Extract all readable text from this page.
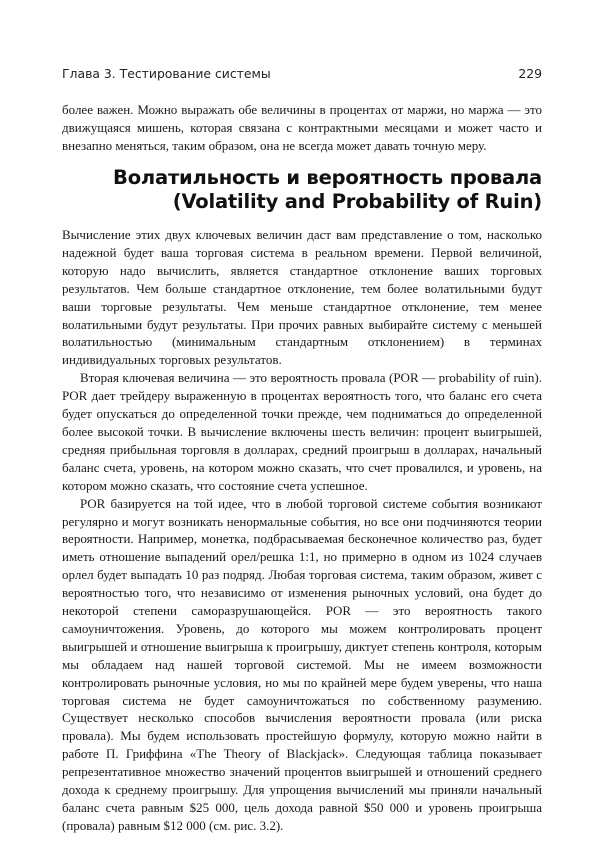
Глава 3. Тестирование системы	229

более важен. Можно выражать обе величины в процентах от маржи, но маржа — это движущаяся мишень, которая связана с контрактными месяцами и может часто и внезапно меняться, таким образом, она не всегда может давать точную меру.

Волатильность и вероятность провала
(Volatility and Probability of Ruin)

Вычисление этих двух ключевых величин даст вам представление о том, насколько надежной будет ваша торговая система в реальном времени. Первой величиной, которую надо вычислить, является стандартное отклонение ваших торговых результатов. Чем больше стандартное отклонение, тем более волатильными будут ваши торговые результаты. Чем меньше стандартное отклонение, тем менее волатильными будут результаты. При прочих равных выбирайте систему с меньшей волатильностью (минимальным стандартным отклонением) в терминах индивидуальных торговых результатов.

Вторая ключевая величина — это вероятность провала (POR — probability of ruin). POR дает трейдеру выраженную в процентах вероятность того, что баланс его счета будет опускаться до определенной точки прежде, чем подниматься до определенной более высокой точки. В вычисление включены шесть величин: процент выигрышей, средняя прибыльная торговля в долларах, средний проигрыш в долларах, начальный баланс счета, уровень, на котором можно сказать, что счет провалился, и уровень, на котором можно сказать, что состояние счета успешное.

POR базируется на той идее, что в любой торговой системе события возникают регулярно и могут возникать ненормальные события, но все они подчиняются теории вероятности. Например, монетка, подбрасываемая бесконечное количество раз, будет иметь отношение выпадений орел/решка 1:1, но примерно в одном из 1024 случаев орлел будет выпадать 10 раз подряд. Любая торговая система, таким образом, живет с вероятностью того, что независимо от изменения рыночных условий, она будет до некоторой степени саморазрушающейся. POR — это вероятность такого самоуничтожения. Уровень, до которого мы можем контролировать процент выигрышей и отношение выигрыша к проигрышу, диктует степень контроля, которым мы обладаем над нашей торговой системой. Мы не имеем возможности контролировать рыночные условия, но мы по крайней мере будем уверены, что наша торговая система не будет самоуничтожаться по собственному разумению. Существует несколько способов вычисления вероятности провала (или риска провала). Мы будем использовать простейшую формулу, которую можно найти в работе П. Гриффина «The Theory of Blackjack». Следующая таблица показывает репрезентативное множество значений процентов выигрышей и отношений среднего дохода к среднему проигрышу. Для упрощения вычислений мы приняли начальный баланс счета равным $25 000, цель дохода равной $50 000 и уровень проигрыша (провала) равным $12 000 (см. рис. 3.2).
